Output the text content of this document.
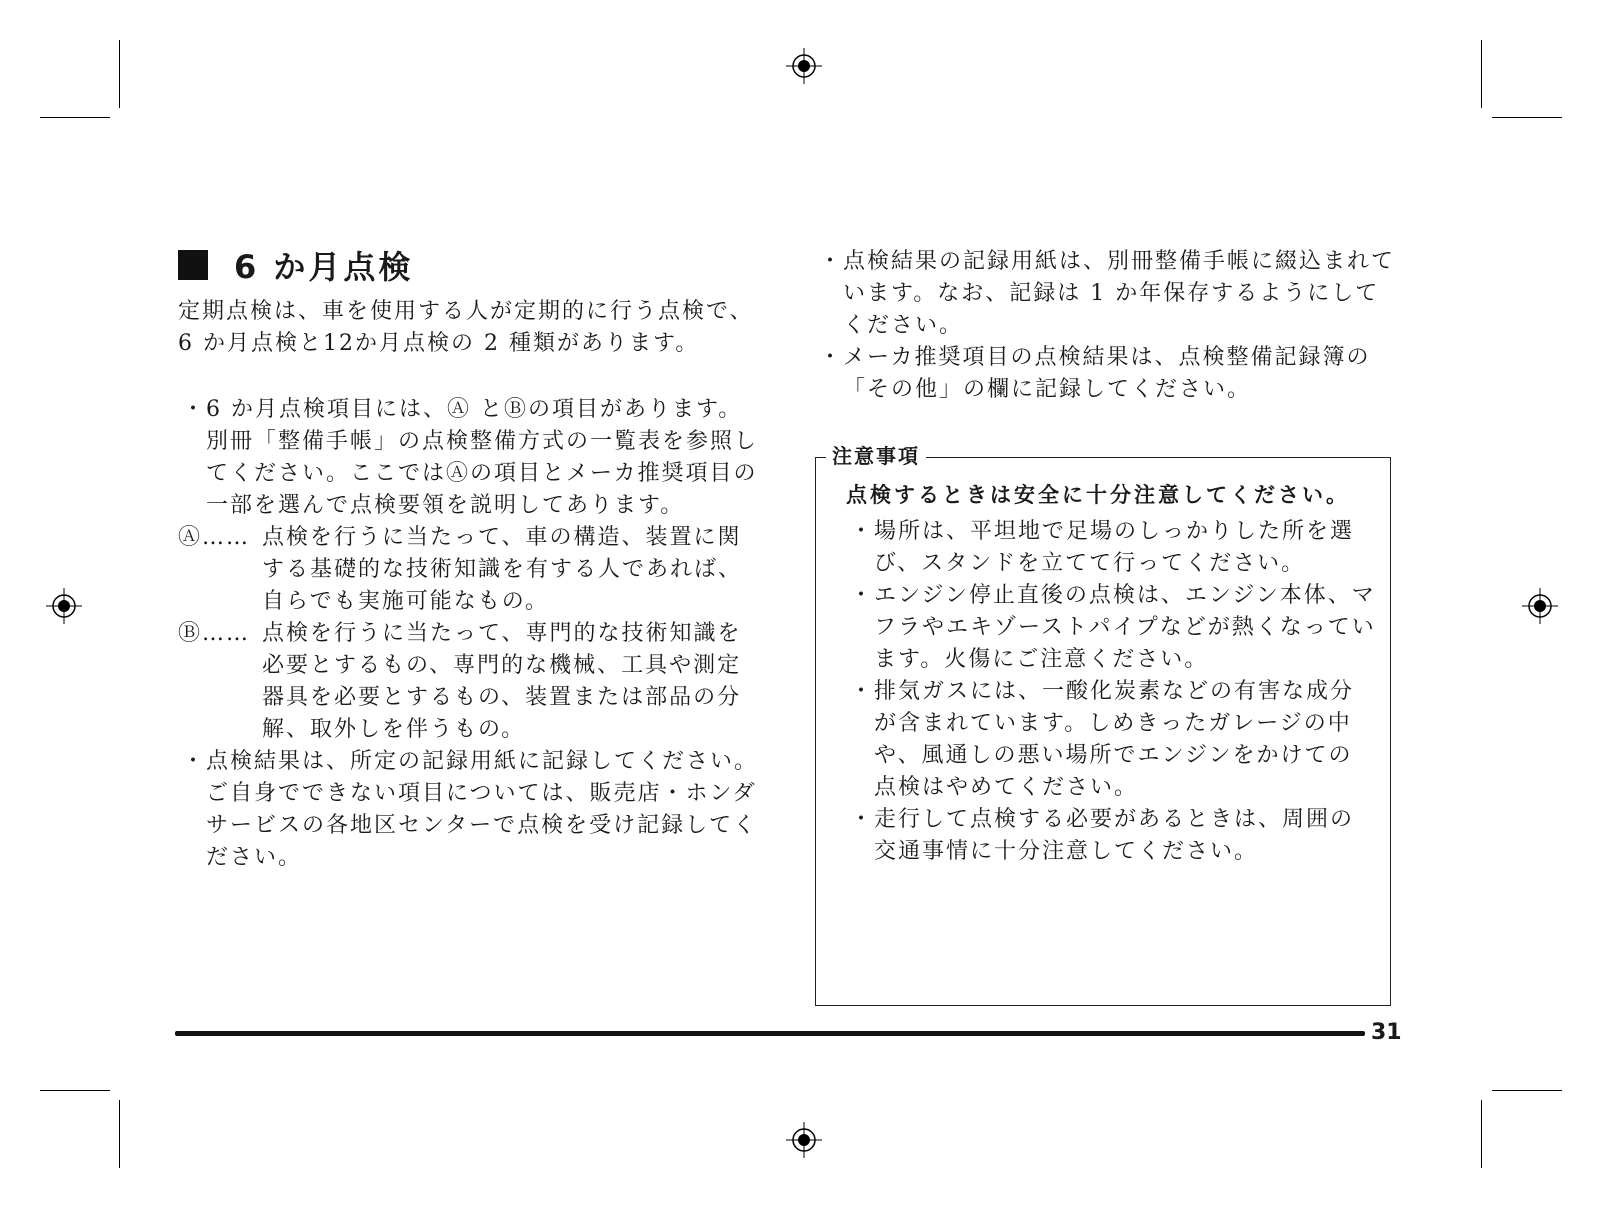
6 か月点検

定期点検は、車を使用する人が定期的に行う点検で、 6 か月点検と12か月点検の 2 種類があります。

・ 6 か月点検項目には、Ⓐ とⒷの項目があります。別冊「整備手帳」の点検整備方式の一覧表を参照してください。ここではⒶの項目とメーカ推奨項目の一部を選んで点検要領を説明してあります。
Ⓐ…… 点検を行うに当たって、車の構造、装置に関する基礎的な技術知識を有する人であれば、自らでも実施可能なもの。
Ⓑ…… 点検を行うに当たって、専門的な技術知識を必要とするもの、専門的な機械、工具や測定器具を必要とするもの、装置または部品の分解、取外しを伴うもの。
・ 点検結果は、所定の記録用紙に記録してください。ご自身でできない項目については、販売店・ホンダサービスの各地区センターで点検を受け記録してください。
・ 点検結果の記録用紙は、別冊整備手帳に綴込まれています。なお、記録は 1 か年保存するようにしてください。
・ メーカ推奨項目の点検結果は、点検整備記録簿の「その他」の欄に記録してください。
注意事項
点検するときは安全に十分注意してください。
・ 場所は、平坦地で足場のしっかりした所を選び、スタンドを立てて行ってください。
・ エンジン停止直後の点検は、エンジン本体、マフラやエキゾーストパイプなどが熱くなっています。火傷にご注意ください。
・ 排気ガスには、一酸化炭素などの有害な成分が含まれています。しめきったガレージの中や、風通しの悪い場所でエンジンをかけての点検はやめてください。
・ 走行して点検する必要があるときは、周囲の交通事情に十分注意してください。
31
